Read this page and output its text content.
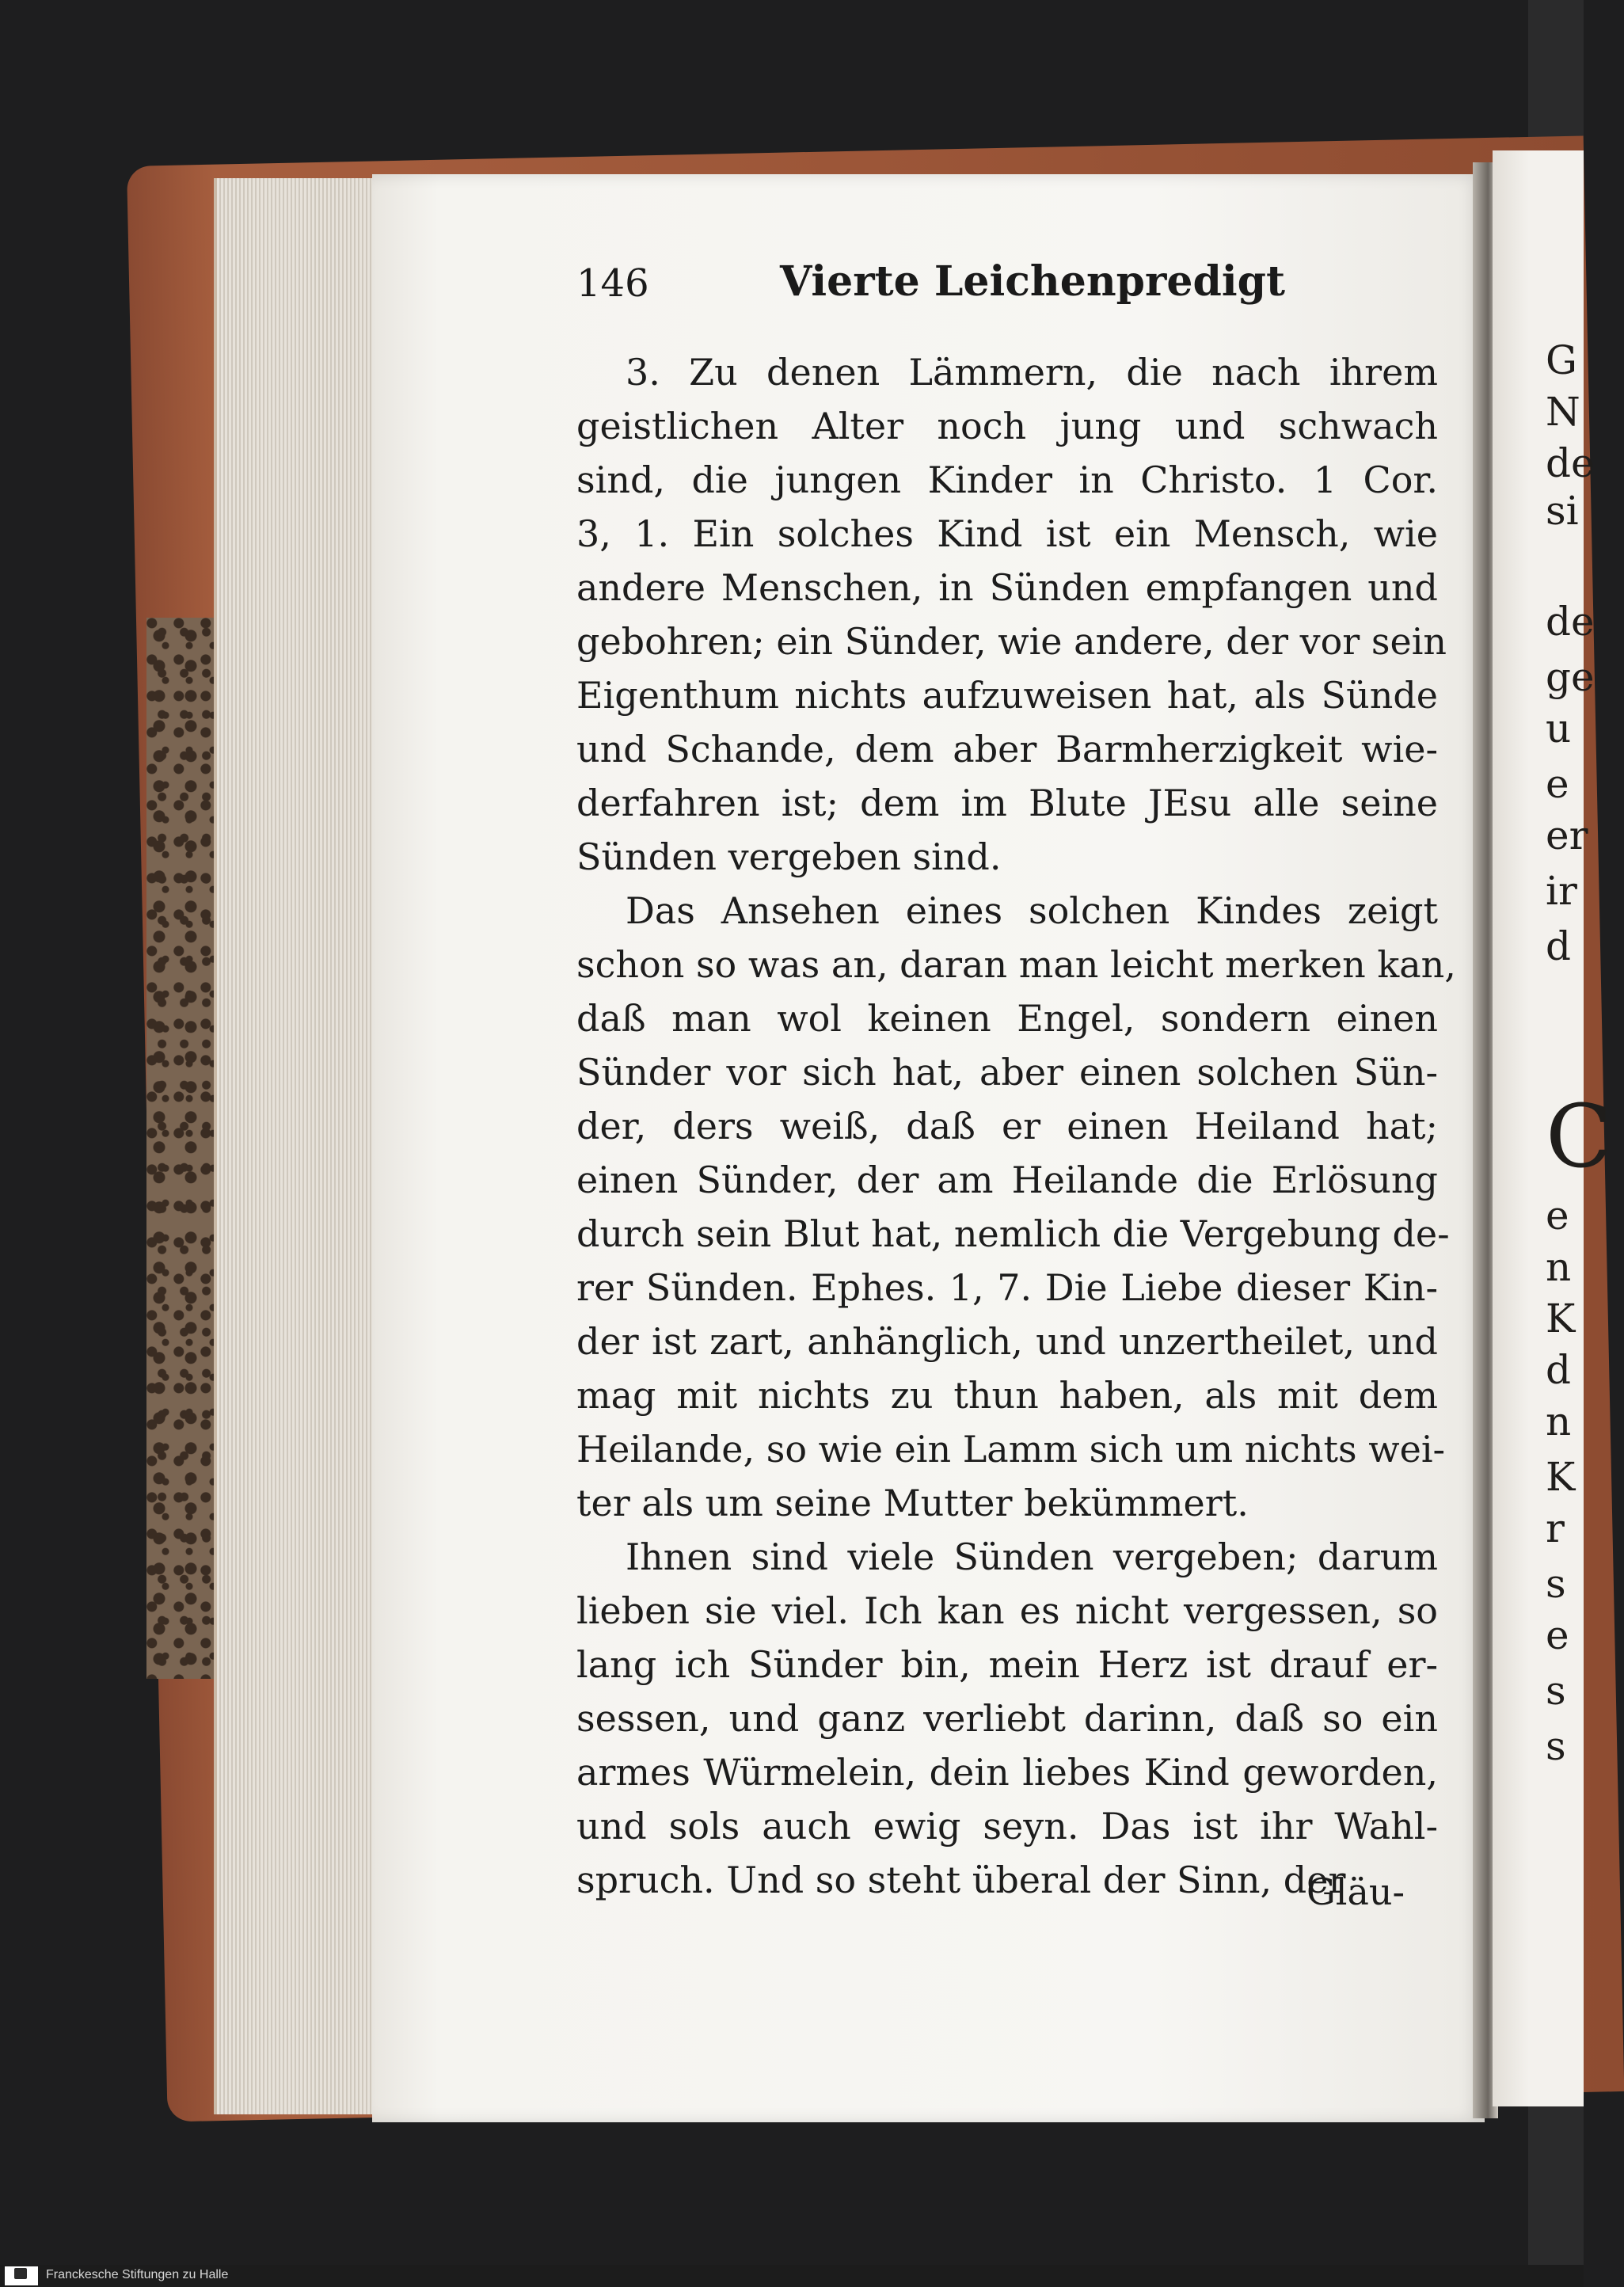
G
N
de
si
de
ge
u
e
er
ir
d
C
e
n
K
d
n
K
r
s
e
s
s
146	Vierte Leichenpredigt
3. Zu denen Lämmern, die nach ihrem
geistlichen Alter noch jung und schwach
sind, die jungen Kinder in Christo. 1 Cor.
3, 1. Ein solches Kind ist ein Mensch, wie
andere Menschen, in Sünden empfangen und
gebohren; ein Sünder, wie andere, der vor sein
Eigenthum nichts aufzuweisen hat, als Sünde
und Schande, dem aber Barmherzigkeit wie-
derfahren ist; dem im Blute JEsu alle seine
Sünden vergeben sind.
Das Ansehen eines solchen Kindes zeigt
schon so was an, daran man leicht merken kan,
daß man wol keinen Engel, sondern einen
Sünder vor sich hat, aber einen solchen Sün-
der, ders weiß, daß er einen Heiland hat;
einen Sünder, der am Heilande die Erlösung
durch sein Blut hat, nemlich die Vergebung de-
rer Sünden. Ephes. 1, 7. Die Liebe dieser Kin-
der ist zart, anhänglich, und unzertheilet, und
mag mit nichts zu thun haben, als mit dem
Heilande, so wie ein Lamm sich um nichts wei-
ter als um seine Mutter bekümmert.
Ihnen sind viele Sünden vergeben; darum
lieben sie viel. Ich kan es nicht vergessen, so
lang ich Sünder bin, mein Herz ist drauf er-
sessen, und ganz verliebt darinn, daß so ein
armes Würmelein, dein liebes Kind geworden,
und sols auch ewig seyn. Das ist ihr Wahl-
spruch. Und so steht überal der Sinn, der
Gläu-
Franckesche Stiftungen zu Halle
